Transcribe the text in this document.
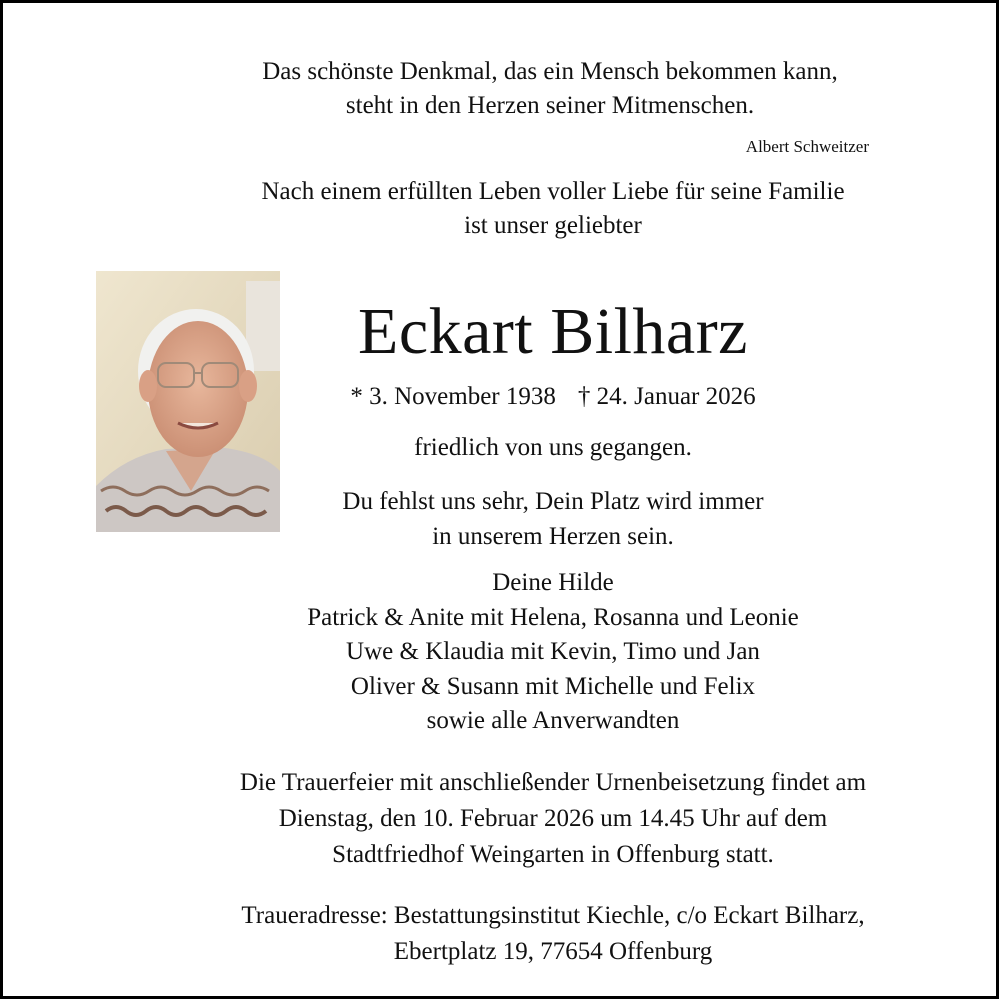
Das schönste Denkmal, das ein Mensch bekommen kann,
steht in den Herzen seiner Mitmenschen.
Albert Schweitzer
Nach einem erfüllten Leben voller Liebe für seine Familie
ist unser geliebter
Eckart Bilharz
* 3. November 1938 † 24. Januar 2026
friedlich von uns gegangen.
Du fehlst uns sehr, Dein Platz wird immer
in unserem Herzen sein.
Deine Hilde
Patrick & Anite mit Helena, Rosanna und Leonie
Uwe & Klaudia mit Kevin, Timo und Jan
Oliver & Susann mit Michelle und Felix
sowie alle Anverwandten
Die Trauerfeier mit anschließender Urnenbeisetzung findet am
Dienstag, den 10. Februar 2026 um 14.45 Uhr auf dem
Stadtfriedhof Weingarten in Offenburg statt.
Traueradresse: Bestattungsinstitut Kiechle, c/o Eckart Bilharz,
Ebertplatz 19, 77654 Offenburg
